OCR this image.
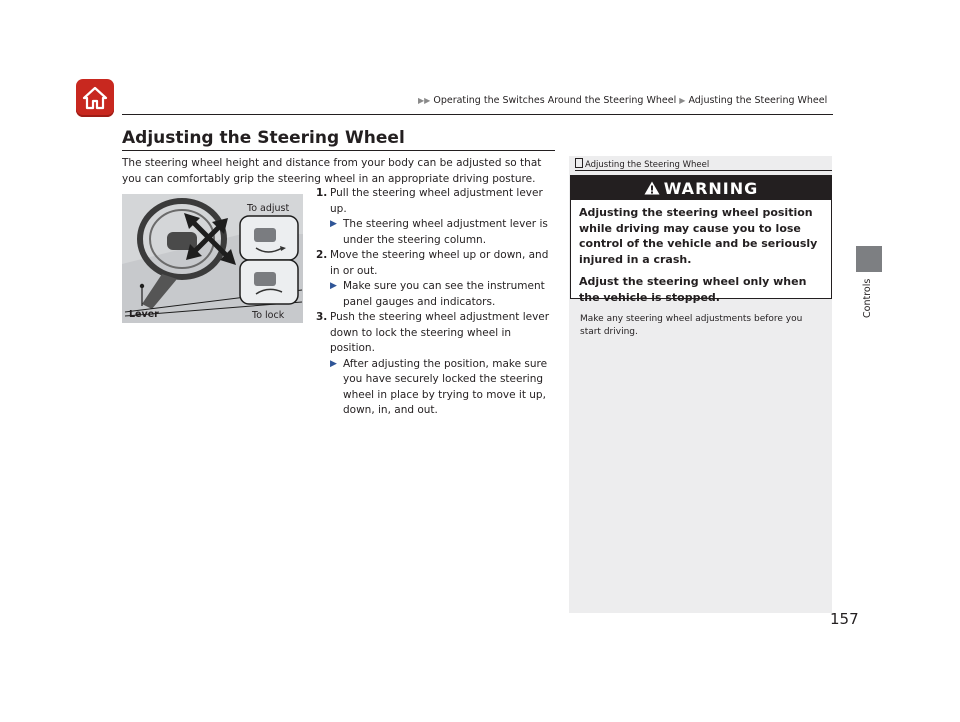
▶▶ Operating the Switches Around the Steering Wheel ▶ Adjusting the Steering Wheel
Adjusting the Steering Wheel
The steering wheel height and distance from your body can be adjusted so that you can comfortably grip the steering wheel in an appropriate driving posture.
To adjust
Lever	To lock
1. Pull the steering wheel adjustment lever up.
▶ The steering wheel adjustment lever is under the steering column.
2. Move the steering wheel up or down, and in or out.
▶ Make sure you can see the instrument panel gauges and indicators.
3. Push the steering wheel adjustment lever down to lock the steering wheel in position.
▶ After adjusting the position, make sure you have securely locked the steering wheel in place by trying to move it up, down, in, and out.
Adjusting the Steering Wheel
WARNING

Adjusting the steering wheel position while driving may cause you to lose control of the vehicle and be seriously injured in a crash.

Adjust the steering wheel only when the vehicle is stopped.

Make any steering wheel adjustments before you start driving.
Controls
157
